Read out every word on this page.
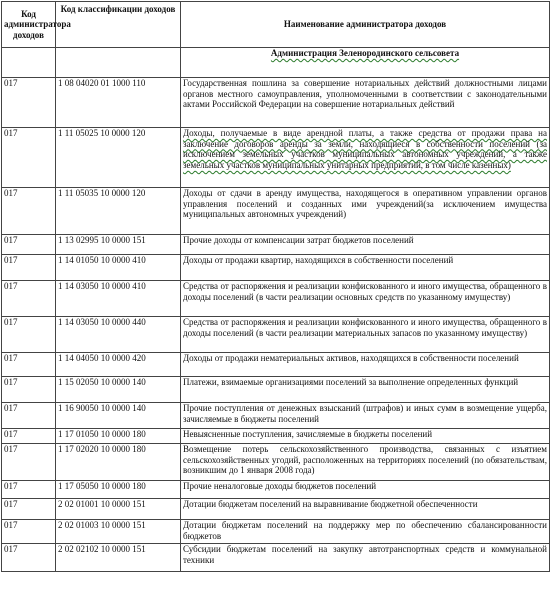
Код администратора доходов	Код классификации доходов	Наименование администратора доходов
		Администрация Зеленородинского сельсовета
017	1 08 04020 01 1000 110	Государственная пошлина за совершение нотариальных действий должностными лицами органов местного самоуправления, уполномоченными в соответствии с законодательными актами Российской Федерации на совершение нотариальных действий
017	1 11 05025 10 0000 120	Доходы, получаемые в виде арендной платы, а также средства от продажи права на заключение договоров аренды за земли, находящиеся в собственности поселений (за исключением земельных участков муниципальных автономных учреждений, а также земельных участков муниципальных унитарных предприятий, в том числе казенных)
017	1 11 05035 10 0000 120	Доходы от сдачи в аренду имущества, находящегося в оперативном управлении органов управления поселений и созданных ими учреждений(за исключением имущества муниципальных автономных учреждений)
017	1 13 02995 10 0000 151	Прочие доходы от компенсации затрат бюджетов поселений
017	1 14 01050 10 0000 410	Доходы от продажи квартир, находящихся в собственности поселений
017	1 14 03050 10 0000 410	Средства от распоряжения и реализации конфискованного и иного имущества, обращенного в доходы поселений (в части реализации основных средств по указанному имуществу)
017	1 14 03050 10 0000 440	Средства от распоряжения и реализации конфискованного и иного имущества, обращенного в доходы поселений (в части реализации материальных запасов по указанному имуществу)
017	1 14 04050 10 0000 420	Доходы от продажи нематериальных активов, находящихся в собственности поселений
017	1 15 02050 10 0000 140	Платежи, взимаемые организациями поселений за выполнение определенных функций
017	1 16 90050 10 0000 140	Прочие поступления от денежных взысканий (штрафов) и иных сумм в возмещение ущерба, зачисляемые в бюджеты поселений
017	1 17 01050 10 0000 180	Невыясненные поступления, зачисляемые в бюджеты поселений
017	1 17 02020 10 0000 180	Возмещение потерь сельскохозяйственного производства, связанных с изъятием сельскохозяйственных угодий, расположенных на территориях поселений (по обязательствам, возникшим до 1 января 2008 года)
017	1 17 05050 10 0000 180	Прочие неналоговые доходы бюджетов поселений
017	2 02 01001 10 0000 151	Дотации бюджетам поселений на выравнивание бюджетной обеспеченности
017	2 02 01003 10 0000 151	Дотации бюджетам поселений на поддержку мер по обеспечению сбалансированности бюджетов
017	2 02 02102 10 0000 151	Субсидии бюджетам поселений на закупку автотранспортных средств и коммунальной техники
